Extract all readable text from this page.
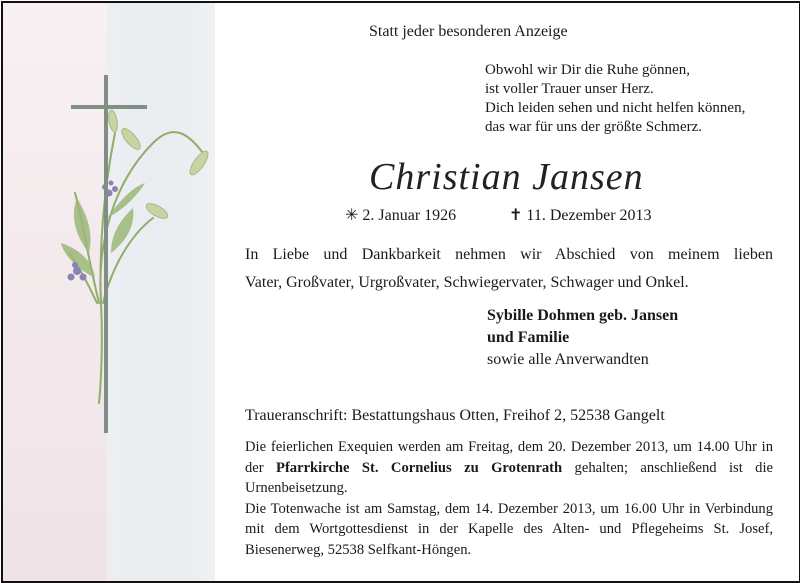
Statt jeder besonderen Anzeige
Obwohl wir Dir die Ruhe gönnen,
ist voller Trauer unser Herz.
Dich leiden sehen und nicht helfen können,
das war für uns der größte Schmerz.
Christian Jansen
✳ 2. Januar 1926	✝ 11. Dezember 2013
In Liebe und Dankbarkeit nehmen wir Abschied von meinem lieben
Vater, Großvater, Urgroßvater, Schwiegervater, Schwager und Onkel.
Sybille Dohmen geb. Jansen
und Familie
sowie alle Anverwandten
Traueranschrift: Bestattungshaus Otten, Freihof 2, 52538 Gangelt

Die feierlichen Exequien werden am Freitag, dem 20. Dezember 2013, um 14.00 Uhr in der Pfarrkirche St. Cornelius zu Grotenrath gehalten; anschließend ist die Urnenbeisetzung.

Die Totenwache ist am Samstag, dem 14. Dezember 2013, um 16.00 Uhr in Verbindung mit dem Wortgottesdienst in der Kapelle des Alten- und Pflegeheims St. Josef, Biesenerweg, 52538 Selfkant-Höngen.
